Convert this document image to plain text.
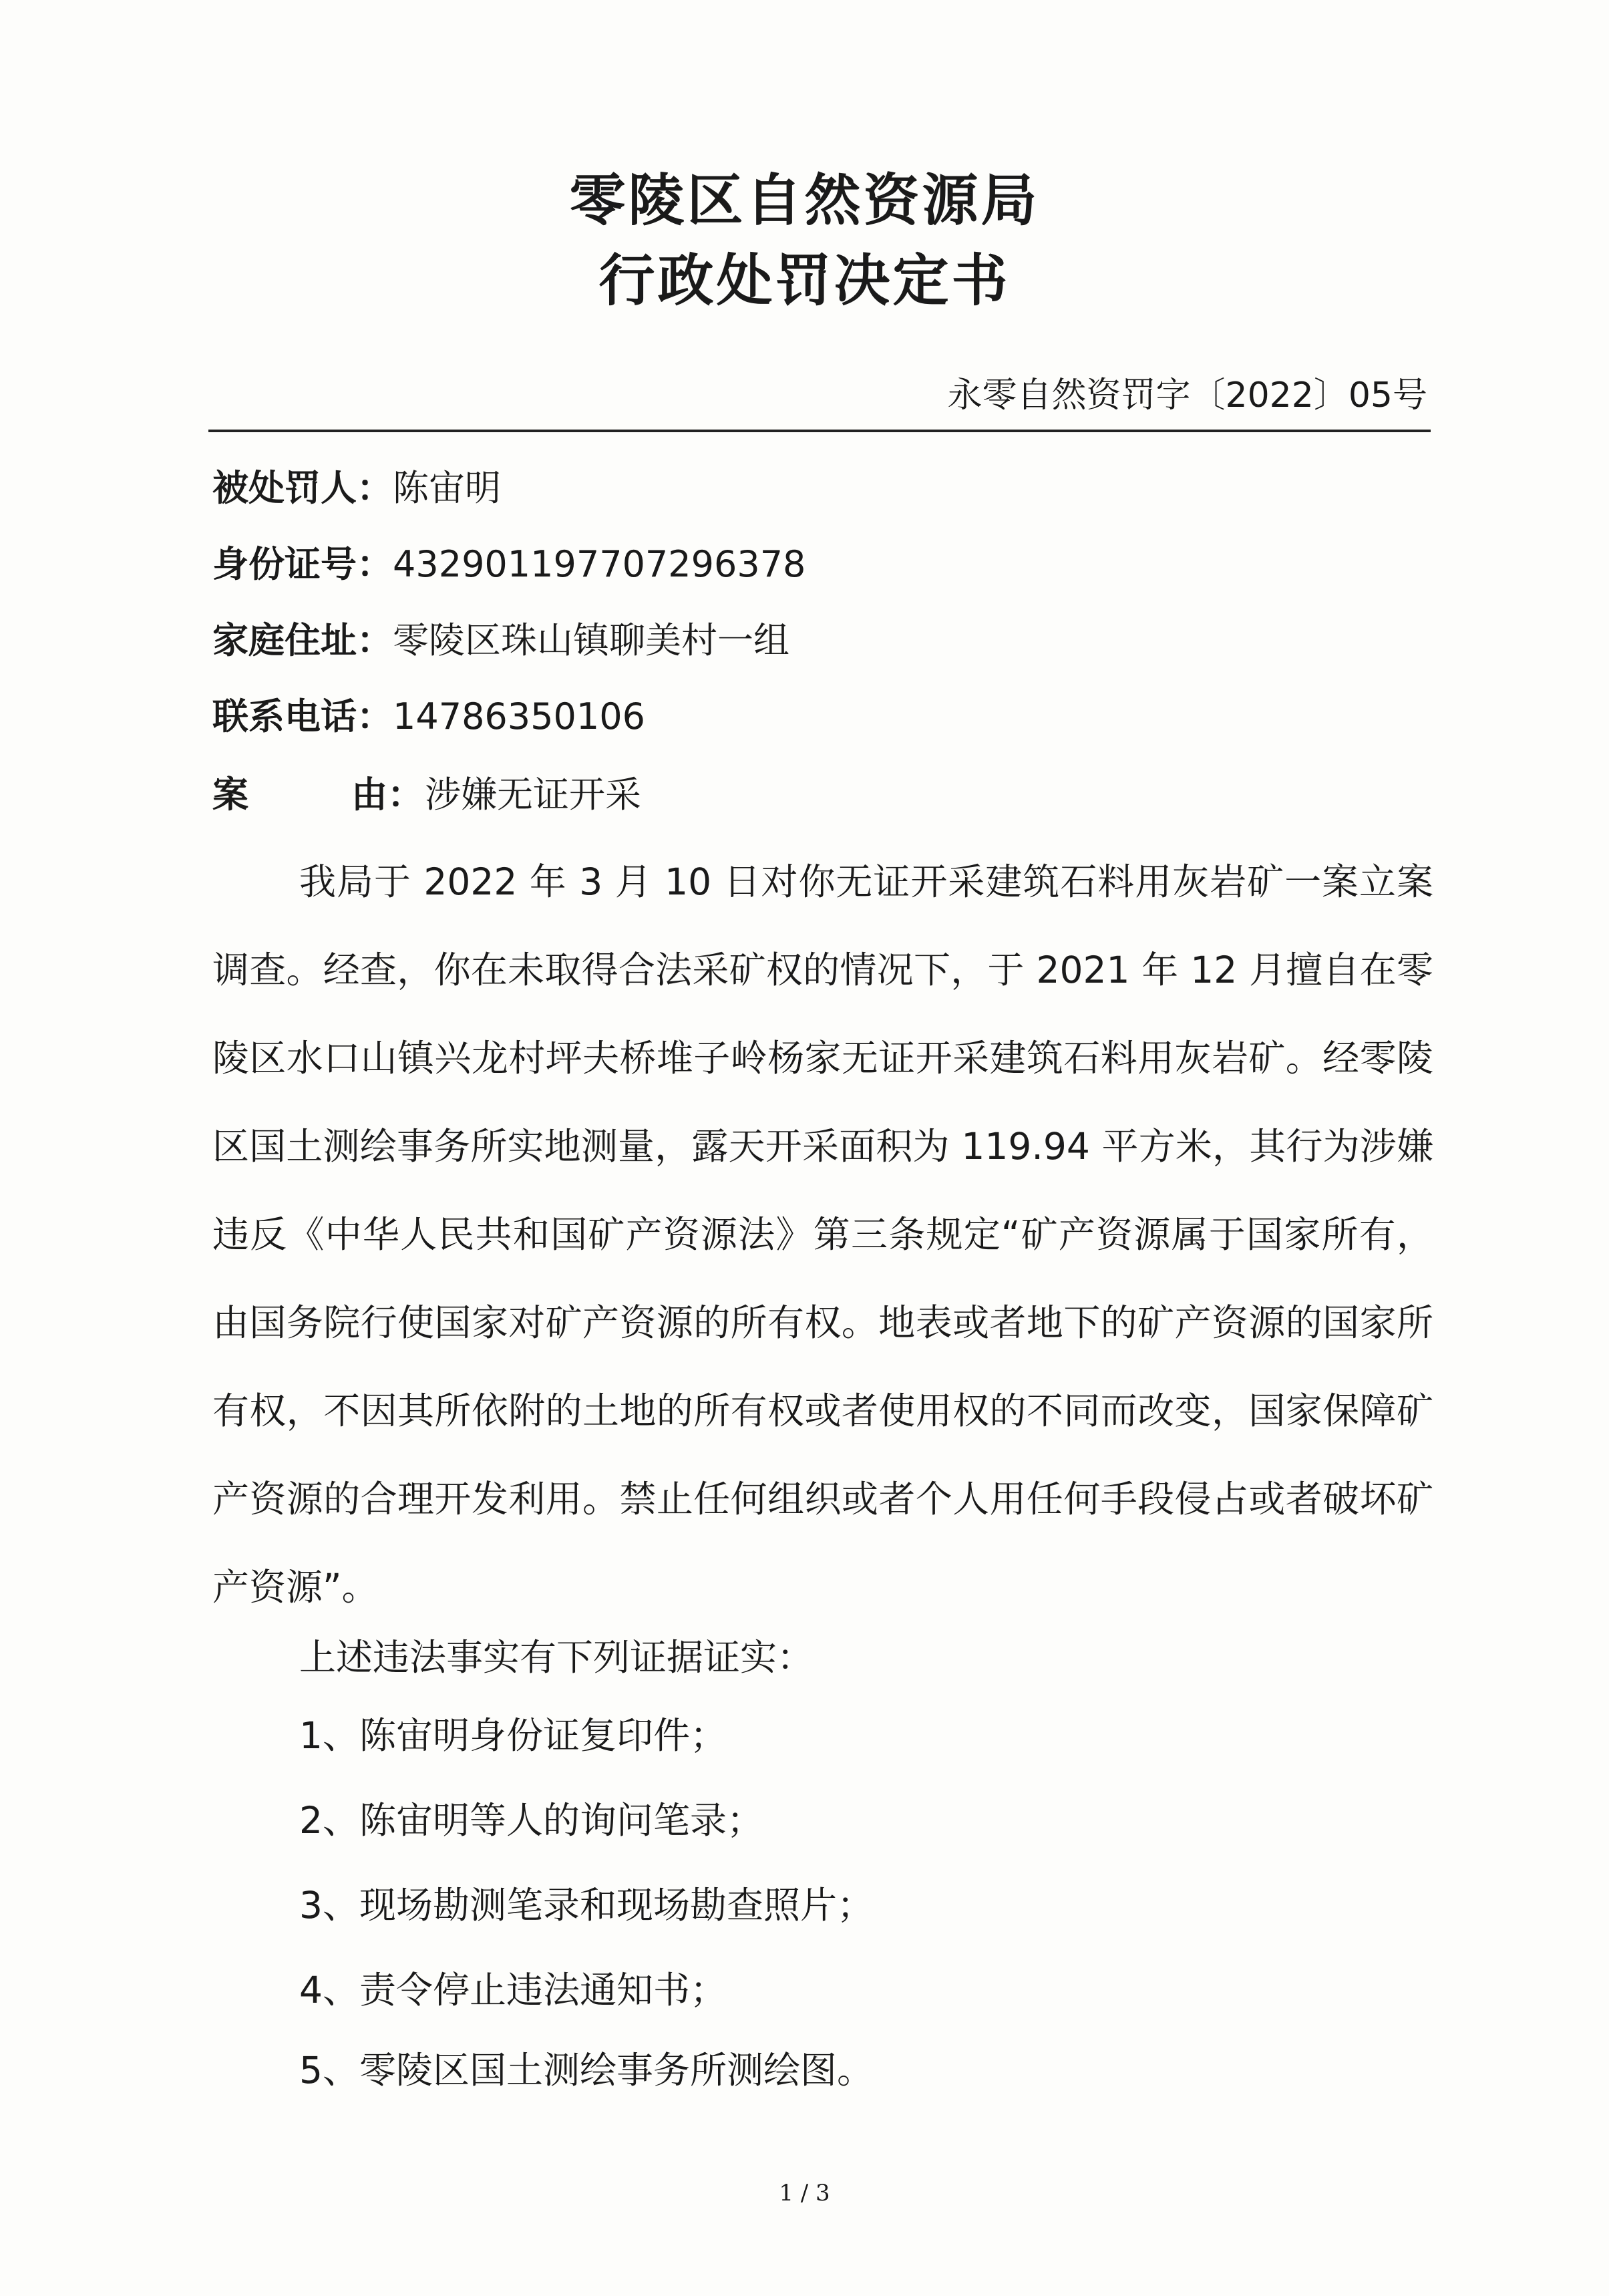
零陵区自然资源局
行政处罚决定书
永零自然资罚字〔2022〕05号
被处罚人：陈宙明
身份证号：432901197707296378
家庭住址：零陵区珠山镇聊美村一组
联系电话：14786350106
案	由：涉嫌无证开采

我局于 2022 年 3 月 10 日对你无证开采建筑石料用灰岩矿一案立案调查。经查，你在未取得合法采矿权的情况下，于 2021 年 12 月擅自在零陵区水口山镇兴龙村坪夫桥堆子岭杨家无证开采建筑石料用灰岩矿。经零陵区国土测绘事务所实地测量，露天开采面积为 119.94 平方米，其行为涉嫌违反《中华人民共和国矿产资源法》第三条规定“矿产资源属于国家所有，由国务院行使国家对矿产资源的所有权。地表或者地下的矿产资源的国家所有权，不因其所依附的土地的所有权或者使用权的不同而改变，国家保障矿产资源的合理开发利用。禁止任何组织或者个人用任何手段侵占或者破坏矿产资源”。

上述违法事实有下列证据证实：
1、陈宙明身份证复印件；
2、陈宙明等人的询问笔录；
3、现场勘测笔录和现场勘查照片；
4、责令停止违法通知书；
5、零陵区国土测绘事务所测绘图。
1 / 3
